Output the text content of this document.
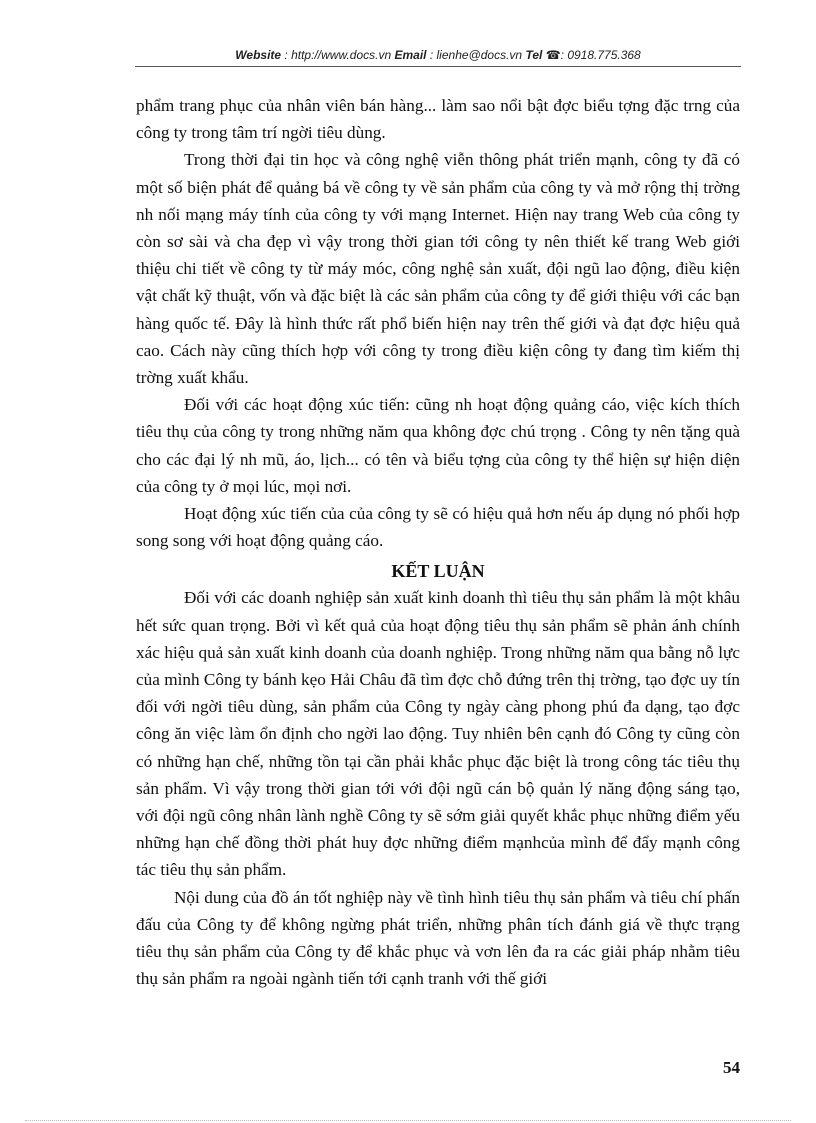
Website : http://www.docs.vn Email : lienhe@docs.vn Tel ☎: 0918.775.368

phẩm trang phục của nhân viên bán hàng... làm sao nổi bật đợc biểu tợng đặc trng của công ty trong tâm trí ngời tiêu dùng.

Trong thời đại tin học và công nghệ viễn thông phát triển mạnh, công ty đã có một số biện phát để quảng bá về công ty về sản phẩm của công ty và mở rộng thị trờng nh nối mạng máy tính của công ty với mạng Internet. Hiện nay trang Web của công ty còn sơ sài và cha đẹp vì vậy trong thời gian tới công ty nên thiết kế trang Web giới thiệu chi tiết về công ty từ máy móc, công nghệ sản xuất, đội ngũ lao động, điều kiện vật chất kỹ thuật, vốn và đặc biệt là các sản phẩm của công ty để giới thiệu với các bạn hàng quốc tế. Đây là hình thức rất phổ biến hiện nay trên thế giới và đạt đợc hiệu quả cao. Cách này cũng thích hợp với công ty trong điều kiện công ty đang tìm kiếm thị trờng xuất khẩu.

Đối với các hoạt động xúc tiến: cũng nh hoạt động quảng cáo, việc kích thích tiêu thụ của công ty trong những năm qua không đợc chú trọng . Công ty nên tặng quà cho các đại lý nh mũ, áo, lịch... có tên và biểu tợng của công ty thể hiện sự hiện diện của công ty ở mọi lúc, mọi nơi.

Hoạt động xúc tiến của của công ty sẽ có hiệu quả hơn nếu áp dụng nó phối hợp song song với hoạt động quảng cáo.

KẾT LUẬN

Đối với các doanh nghiệp sản xuất kinh doanh thì tiêu thụ sản phẩm là một khâu hết sức quan trọng. Bởi vì kết quả của hoạt động tiêu thụ sản phẩm sẽ phản ánh chính xác hiệu quả sản xuất kinh doanh của doanh nghiệp. Trong những năm qua bằng nỗ lực của mình Công ty bánh kẹo Hải Châu đã tìm đợc chỗ đứng trên thị trờng, tạo đợc uy tín đối với ngời tiêu dùng, sản phẩm của Công ty ngày càng phong phú đa dạng, tạo đợc công ăn việc làm ổn định cho ngời lao động. Tuy nhiên bên cạnh đó Công ty cũng còn có những hạn chế, những tồn tại cần phải khắc phục đặc biệt là trong công tác tiêu thụ sản phẩm. Vì vậy trong thời gian tới với đội ngũ cán bộ quản lý năng động sáng tạo, với đội ngũ công nhân lành nghề Công ty sẽ sớm giải quyết khắc phục những điểm yếu những hạn chế đồng thời phát huy đợc những điểm mạnhcủa mình để đẩy mạnh công tác tiêu thụ sản phẩm.

Nội dung của đồ án tốt nghiệp này về tình hình tiêu thụ sản phẩm và tiêu chí phấn đấu của Công ty để không ngừng phát triển, những phân tích đánh giá về thực trạng tiêu thụ sản phẩm của Công ty để khắc phục và vơn lên đa ra các giải pháp nhằm tiêu thụ sản phẩm ra ngoài ngành tiến tới cạnh tranh với thế giới

54
